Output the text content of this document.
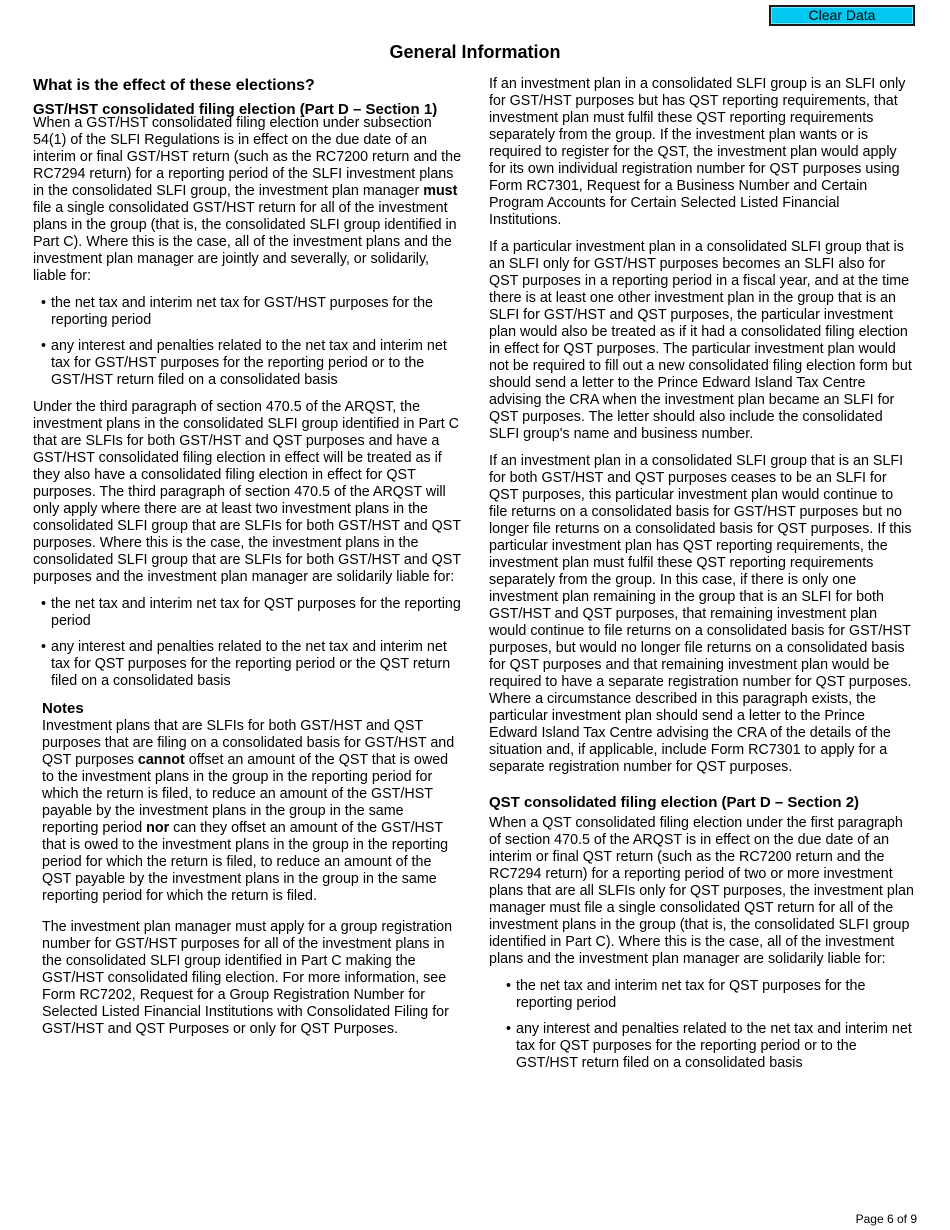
Clear Data
General Information
What is the effect of these elections?
GST/HST consolidated filing election (Part D – Section 1)

When a GST/HST consolidated filing election under subsection 54(1) of the SLFI Regulations is in effect on the due date of an interim or final GST/HST return (such as the RC7200 return and the RC7294 return) for a reporting period of the SLFI investment plans in the consolidated SLFI group, the investment plan manager must file a single consolidated GST/HST return for all of the investment plans in the group (that is, the consolidated SLFI group identified in Part C). Where this is the case, all of the investment plans and the investment plan manager are jointly and severally, or solidarily, liable for:

• the net tax and interim net tax for GST/HST purposes for the reporting period
• any interest and penalties related to the net tax and interim net tax for GST/HST purposes for the reporting period or to the GST/HST return filed on a consolidated basis

Under the third paragraph of section 470.5 of the ARQST, the investment plans in the consolidated SLFI group identified in Part C that are SLFIs for both GST/HST and QST purposes and have a GST/HST consolidated filing election in effect will be treated as if they also have a consolidated filing election in effect for QST purposes. The third paragraph of section 470.5 of the ARQST will only apply where there are at least two investment plans in the consolidated SLFI group that are SLFIs for both GST/HST and QST purposes. Where this is the case, the investment plans in the consolidated SLFI group that are SLFIs for both GST/HST and QST purposes and the investment plan manager are solidarily liable for:

• the net tax and interim net tax for QST purposes for the reporting period
• any interest and penalties related to the net tax and interim net tax for QST purposes for the reporting period or the QST return filed on a consolidated basis
Notes

Investment plans that are SLFIs for both GST/HST and QST purposes that are filing on a consolidated basis for GST/HST and QST purposes cannot offset an amount of the QST that is owed to the investment plans in the group in the reporting period for which the return is filed, to reduce an amount of the GST/HST payable by the investment plans in the group in the same reporting period nor can they offset an amount of the GST/HST that is owed to the investment plans in the group in the reporting period for which the return is filed, to reduce an amount of the QST payable by the investment plans in the group in the same reporting period for which the return is filed.

The investment plan manager must apply for a group registration number for GST/HST purposes for all of the investment plans in the consolidated SLFI group identified in Part C making the GST/HST consolidated filing election. For more information, see Form RC7202, Request for a Group Registration Number for Selected Listed Financial Institutions with Consolidated Filing for GST/HST and QST Purposes or only for QST Purposes.

If an investment plan in a consolidated SLFI group is an SLFI only for GST/HST purposes but has QST reporting requirements, that investment plan must fulfil these QST reporting requirements separately from the group. If the investment plan wants or is required to register for the QST, the investment plan would apply for its own individual registration number for QST purposes using Form RC7301, Request for a Business Number and Certain Program Accounts for Certain Selected Listed Financial Institutions.

If a particular investment plan in a consolidated SLFI group that is an SLFI only for GST/HST purposes becomes an SLFI also for QST purposes in a reporting period in a fiscal year, and at the time there is at least one other investment plan in the group that is an SLFI for GST/HST and QST purposes, the particular investment plan would also be treated as if it had a consolidated filing election in effect for QST purposes. The particular investment plan would not be required to fill out a new consolidated filing election form but should send a letter to the Prince Edward Island Tax Centre advising the CRA when the investment plan became an SLFI for QST purposes. The letter should also include the consolidated SLFI group's name and business number.

If an investment plan in a consolidated SLFI group that is an SLFI for both GST/HST and QST purposes ceases to be an SLFI for QST purposes, this particular investment plan would continue to file returns on a consolidated basis for GST/HST purposes but no longer file returns on a consolidated basis for QST purposes. If this particular investment plan has QST reporting requirements, the investment plan must fulfil these QST reporting requirements separately from the group. In this case, if there is only one investment plan remaining in the group that is an SLFI for both GST/HST and QST purposes, that remaining investment plan would continue to file returns on a consolidated basis for GST/HST purposes, but would no longer file returns on a consolidated basis for QST purposes and that remaining investment plan would be required to have a separate registration number for QST purposes. Where a circumstance described in this paragraph exists, the particular investment plan should send a letter to the Prince Edward Island Tax Centre advising the CRA of the details of the situation and, if applicable, include Form RC7301 to apply for a separate registration number for QST purposes.

QST consolidated filing election (Part D – Section 2)

When a QST consolidated filing election under the first paragraph of section 470.5 of the ARQST is in effect on the due date of an interim or final QST return (such as the RC7200 return and the RC7294 return) for a reporting period of two or more investment plans that are all SLFIs only for QST purposes, the investment plan manager must file a single consolidated QST return for all of the investment plans in the group (that is, the consolidated SLFI group identified in Part C). Where this is the case, all of the investment plans and the investment plan manager are solidarily liable for:

• the net tax and interim net tax for QST purposes for the reporting period
• any interest and penalties related to the net tax and interim net tax for QST purposes for the reporting period or to the GST/HST return filed on a consolidated basis
Page 6 of 9
